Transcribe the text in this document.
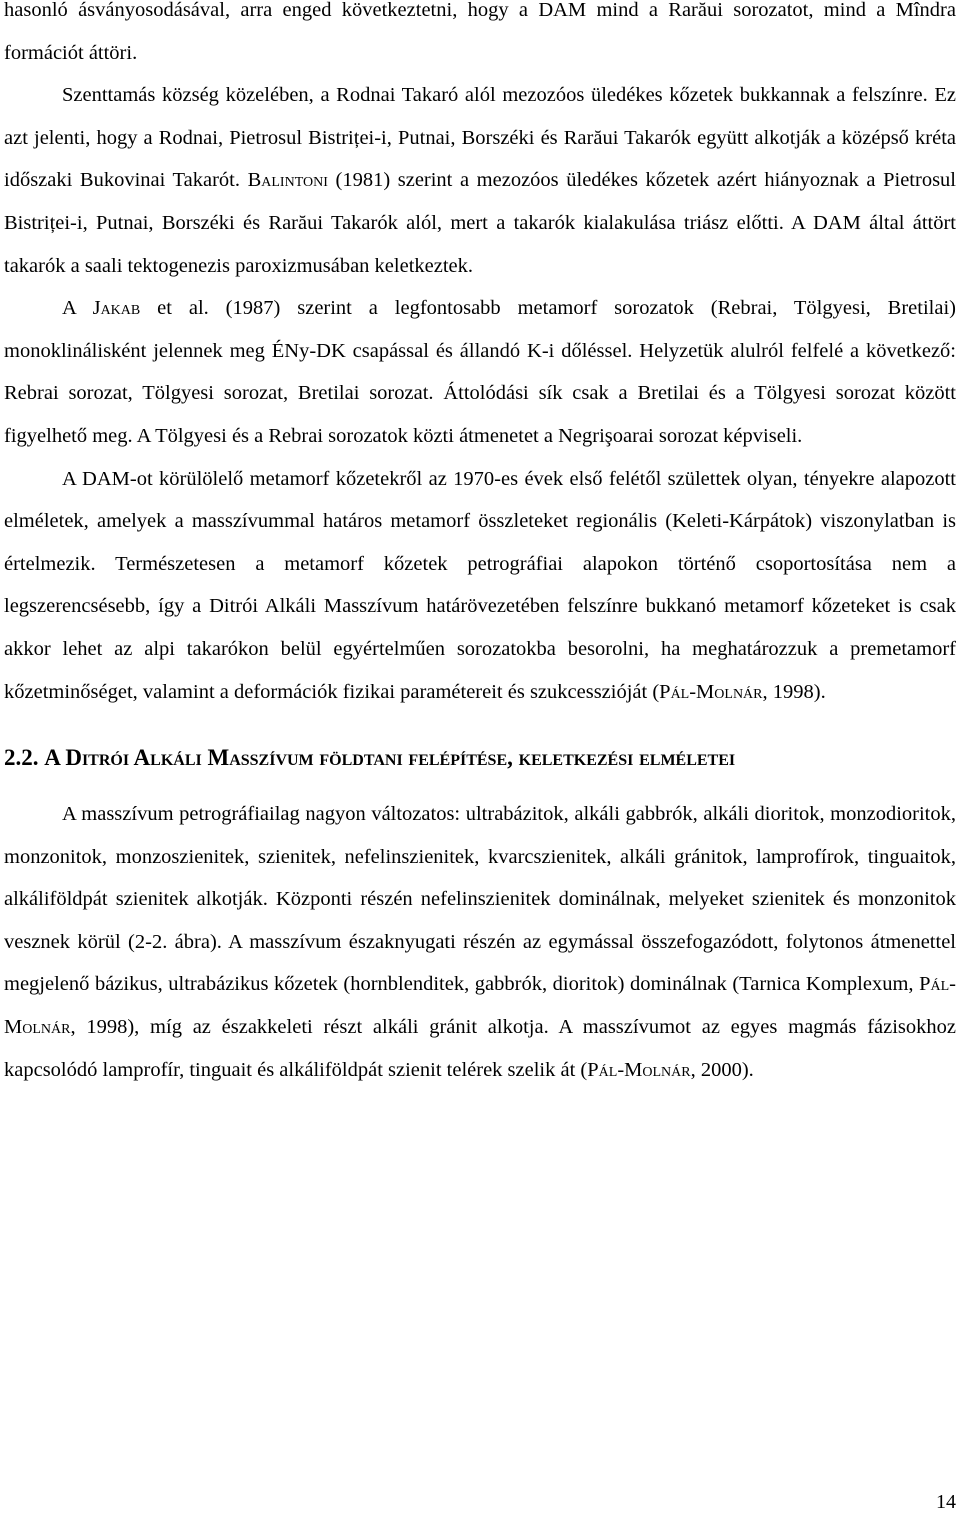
hasonló ásványosodásával, arra enged következtetni, hogy a DAM mind a Rarăui sorozatot, mind a Mîndra formációt áttöri.

Szenttamás község közelében, a Rodnai Takaró alól mezozóos üledékes kőzetek bukkannak a felszínre. Ez azt jelenti, hogy a Rodnai, Pietrosul Bistriței-i, Putnai, Borszéki és Rarăui Takarók együtt alkotják a középső kréta időszaki Bukovinai Takarót. Balintoni (1981) szerint a mezozóos üledékes kőzetek azért hiányoznak a Pietrosul Bistriței-i, Putnai, Borszéki és Rarăui Takarók alól, mert a takarók kialakulása triász előtti. A DAM által áttört takarók a saali tektogenezis paroxizmusában keletkeztek.

A Jakab et al. (1987) szerint a legfontosabb metamorf sorozatok (Rebrai, Tölgyesi, Bretilai) monoklinálisként jelennek meg ÉNy-DK csapással és állandó K-i dőléssel. Helyzetük alulról felfelé a következő: Rebrai sorozat, Tölgyesi sorozat, Bretilai sorozat. Áttolódási sík csak a Bretilai és a Tölgyesi sorozat között figyelhető meg. A Tölgyesi és a Rebrai sorozatok közti átmenetet a Negrişoarai sorozat képviseli.

A DAM-ot körülölelő metamorf kőzetekről az 1970-es évek első felétől születtek olyan, tényekre alapozott elméletek, amelyek a masszívummal határos metamorf összleteket regionális (Keleti-Kárpátok) viszonylatban is értelmezik. Természetesen a metamorf kőzetek petrográfiai alapokon történő csoportosítása nem a legszerencsésebb, így a Ditrói Alkáli Masszívum határövezetében felszínre bukkanó metamorf kőzeteket is csak akkor lehet az alpi takarókon belül egyértelműen sorozatokba besorolni, ha meghatározzuk a premetamorf kőzetminőséget, valamint a deformációk fizikai paramétereit és szukcesszióját (Pál-Molnár, 1998).

2.2. A Ditrói Alkáli Masszívum földtani felépítése, keletkezési elméletei

A masszívum petrográfiailag nagyon változatos: ultrabázitok, alkáli gabbrók, alkáli dioritok, monzodioritok, monzonitok, monzoszienitek, szienitek, nefelinszienitek, kvarcszienitek, alkáli gránitok, lamprofírok, tinguaitok, alkáliföldpát szienitek alkotják. Központi részén nefelinszienitek dominálnak, melyeket szienitek és monzonitok vesznek körül (2-2. ábra). A masszívum északnyugati részén az egymással összefogazódott, folytonos átmenettel megjelenő bázikus, ultrabázikus kőzetek (hornblenditek, gabbrók, dioritok) dominálnak (Tarnica Komplexum, Pál-Molnár, 1998), míg az északkeleti részt alkáli gránit alkotja. A masszívumot az egyes magmás fázisokhoz kapcsolódó lamprofír, tinguait és alkáliföldpát szienit telérek szelik át (Pál-Molnár, 2000).

14
